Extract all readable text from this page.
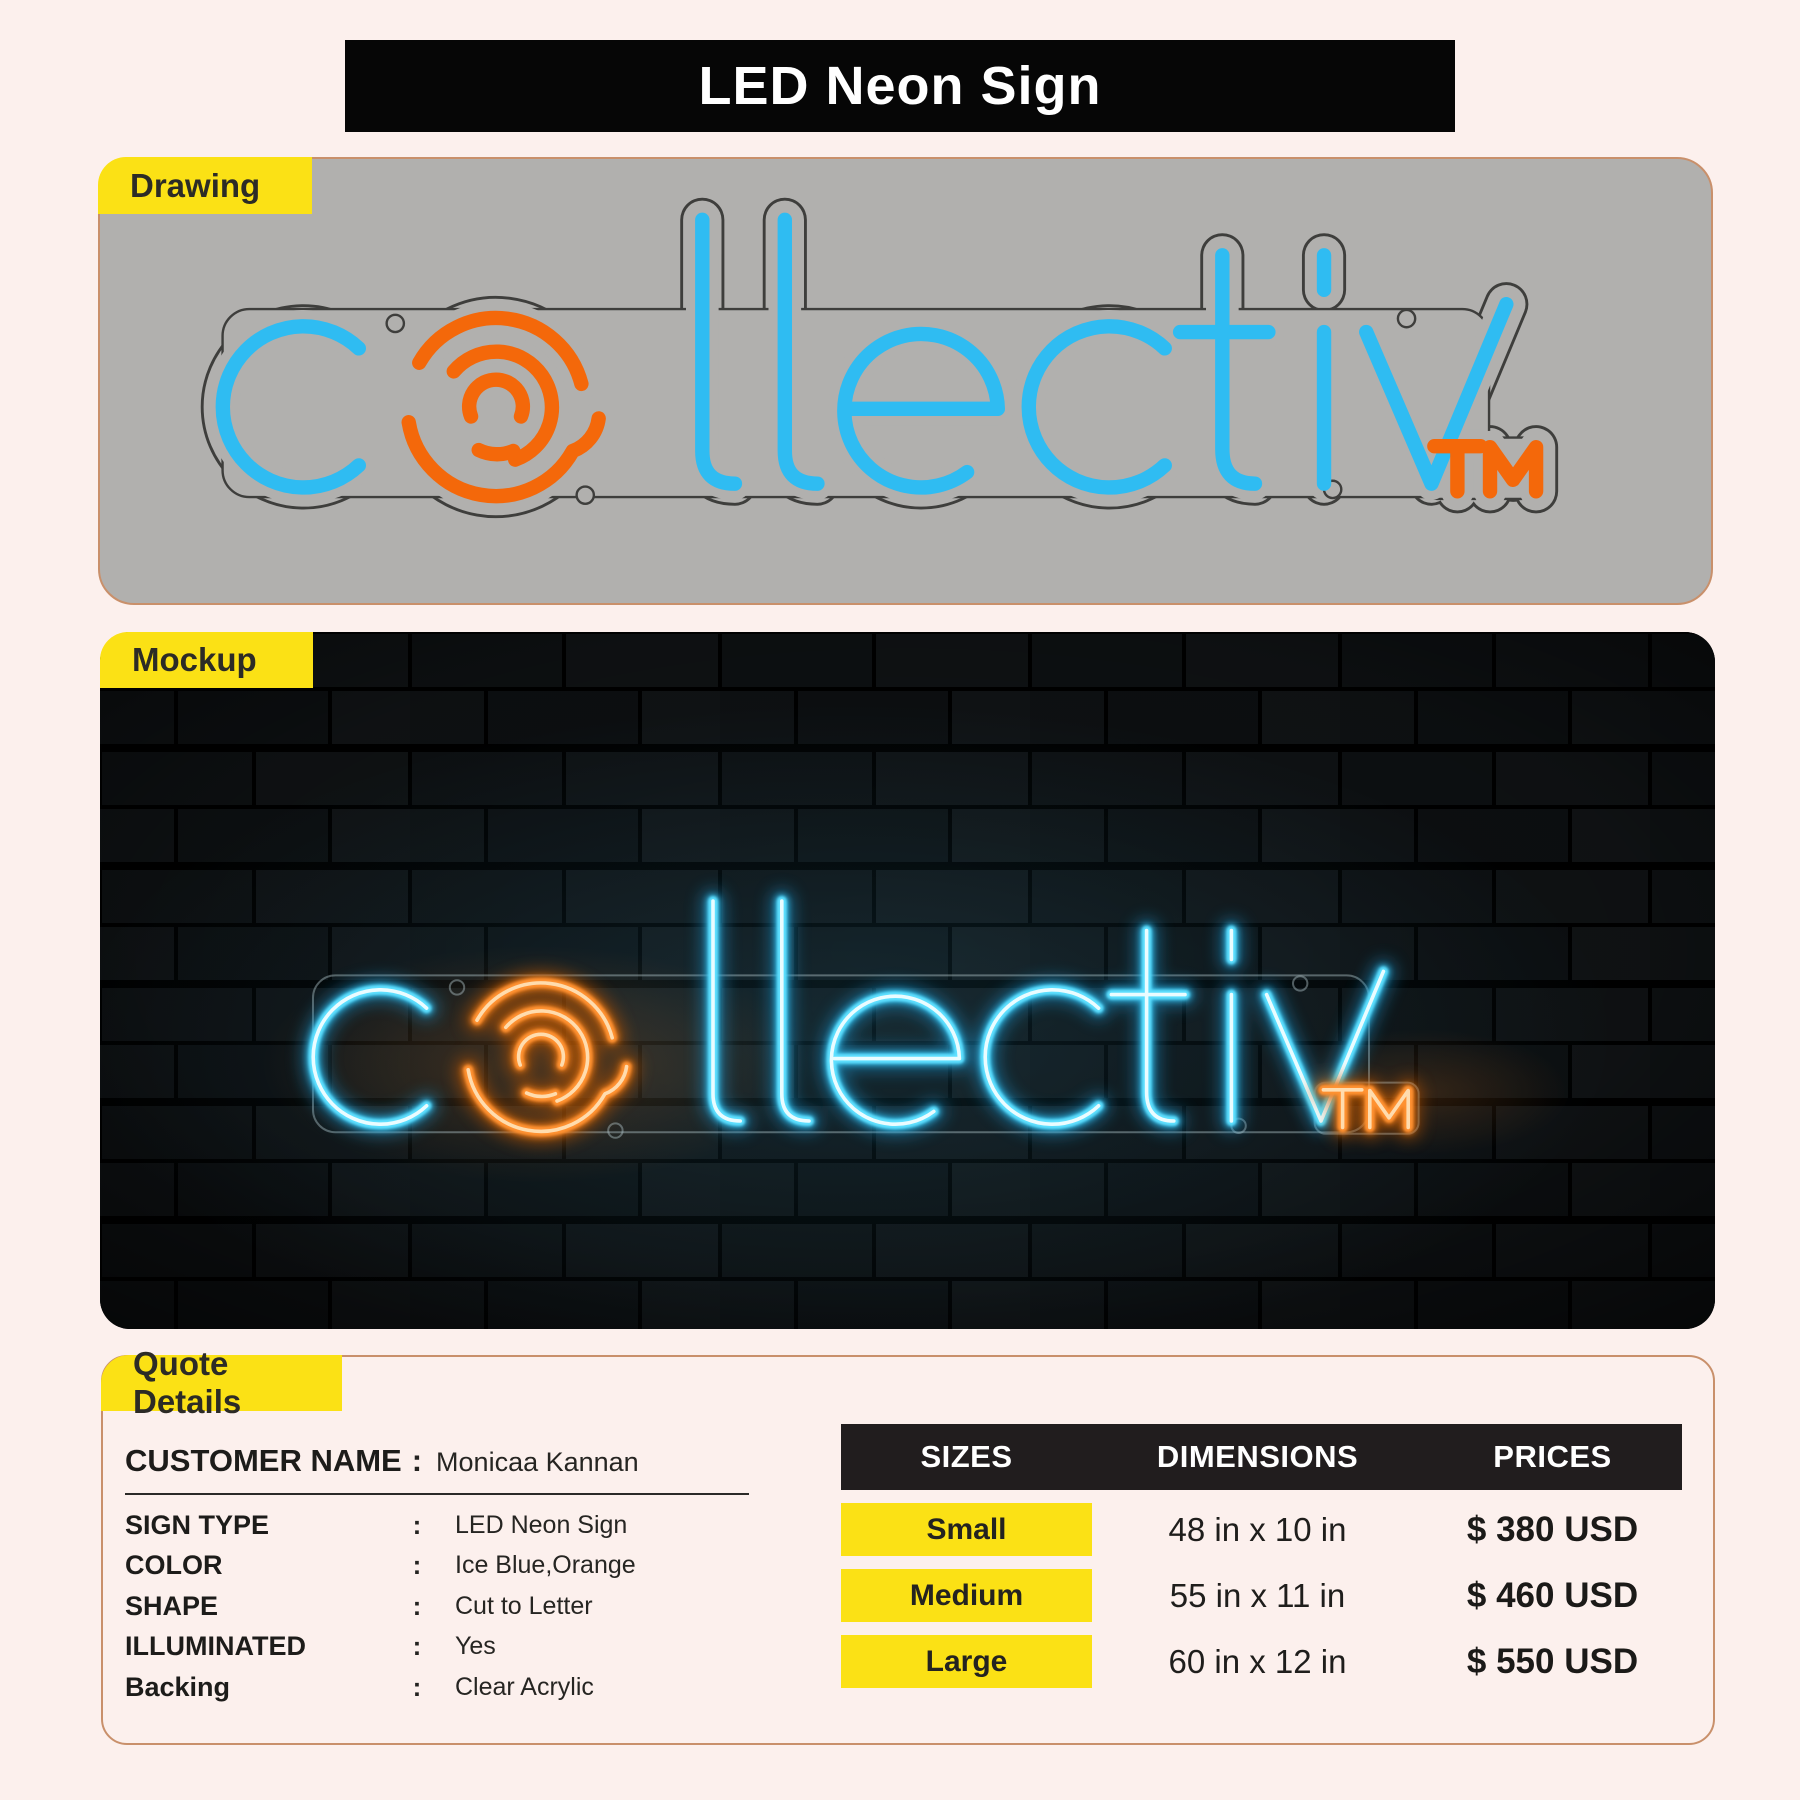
LED Neon Sign
Drawing
Mockup
Quote Details
CUSTOMER NAME : Monicaa Kannan
SIGN TYPE	:	LED Neon Sign
COLOR	:	Ice Blue,Orange
SHAPE	:	Cut to Letter
ILLUMINATED	:	Yes
Backing	:	Clear Acrylic
SIZES	DIMENSIONS	PRICES
Small	48 in x 10 in	$ 380 USD
Medium	55 in x 11 in	$ 460 USD
Large	60 in x 12 in	$ 550 USD
